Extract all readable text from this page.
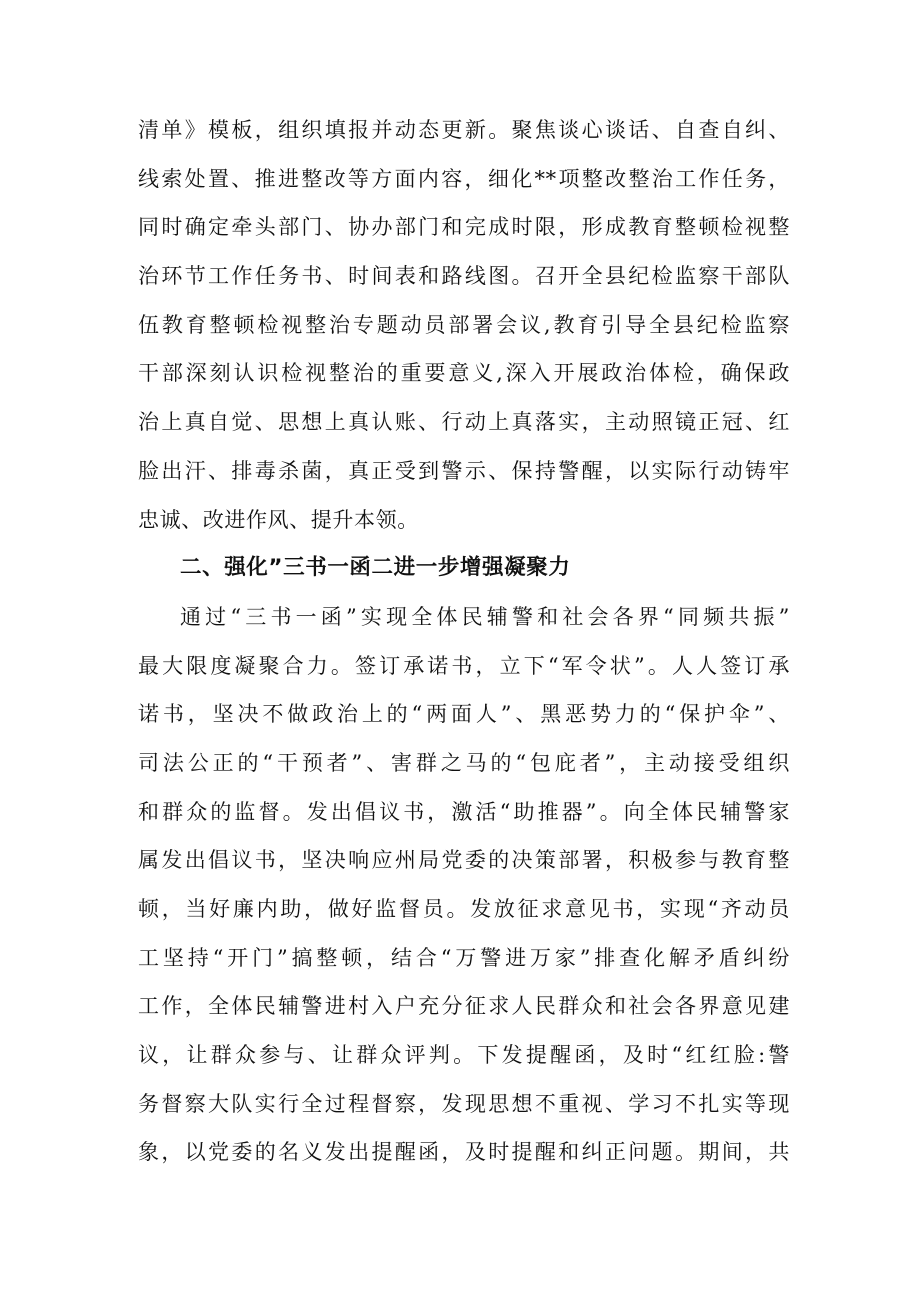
清单》模板，组织填报并动态更新。聚焦谈心谈话、自查自纠、
线索处置、推进整改等方面内容，细化**项整改整治工作任务，
同时确定牵头部门、协办部门和完成时限，形成教育整顿检视整
治环节工作任务书、时间表和路线图。召开全县纪检监察干部队
伍教育整顿检视整治专题动员部署会议,教育引导全县纪检监察
干部深刻认识检视整治的重要意义,深入开展政治体检，确保政
治上真自觉、思想上真认账、行动上真落实，主动照镜正冠、红
脸出汗、排毒杀菌，真正受到警示、保持警醒，以实际行动铸牢
忠诚、改进作风、提升本领。
二、强化”三书一函二进一步增强凝聚力
通过“三书一函”实现全体民辅警和社会各界“同频共振”
最大限度凝聚合力。签订承诺书，立下“军令状”。人人签订承
诺书，坚决不做政治上的“两面人”、黑恶势力的“保护伞”、
司法公正的“干预者”、害群之马的“包庇者”，主动接受组织
和群众的监督。发出倡议书，激活“助推器”。向全体民辅警家
属发出倡议书，坚决响应州局党委的决策部署，积极参与教育整
顿，当好廉内助，做好监督员。发放征求意见书，实现“齐动员
工坚持“开门”搞整顿，结合“万警进万家”排查化解矛盾纠纷
工作，全体民辅警进村入户充分征求人民群众和社会各界意见建
议，让群众参与、让群众评判。下发提醒函，及时“红红脸:警
务督察大队实行全过程督察，发现思想不重视、学习不扎实等现
象，以党委的名义发出提醒函，及时提醒和纠正问题。期间，共
